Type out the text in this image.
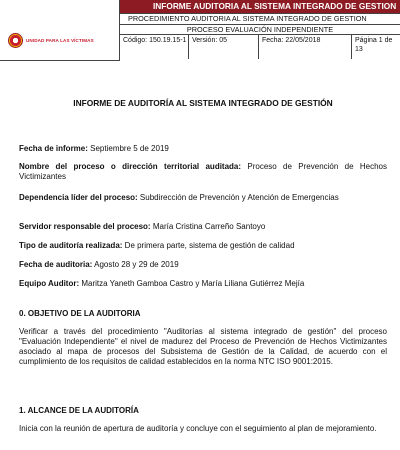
UNIDAD PARA LAS VÍCTIMAS
INFORME AUDITORIA AL SISTEMA INTEGRADO DE GESTION
PROCEDIMIENTO AUDITORIA AL SISTEMA INTEGRADO DE GESTION
PROCESO EVALUACIÓN INDEPENDIENTE
Código: 150.19.15-1 Versión: 05	Fecha: 22/05/2018	Página 1 de 13
INFORME DE AUDITORÍA AL SISTEMA INTEGRADO DE GESTIÓN
Fecha de informe: Septiembre 5 de 2019
Nombre del proceso o dirección territorial auditada: Proceso de Prevención de Hechos Victimizantes
Dependencia líder del proceso: Subdirección de Prevención y Atención de Emergencias
Servidor responsable del proceso: María Cristina Carreño Santoyo
Tipo de auditoría realizada: De primera parte, sistema de gestión de calidad
Fecha de auditoria: Agosto 28 y 29 de 2019
Equipo Auditor: Maritza Yaneth Gamboa Castro y María Liliana Gutiérrez Mejía
0. OBJETIVO DE LA AUDITORIA
Verificar a través del procedimiento "Auditorías al sistema integrado de gestión" del proceso "Evaluación Independiente" el nivel de madurez del Proceso de Prevención de Hechos Victimizantes asociado al mapa de procesos del Subsistema de Gestión de la Calidad, de acuerdo con el cumplimiento de los requisitos de calidad establecidos en la norma NTC ISO 9001:2015.
1. ALCANCE DE LA AUDITORÍA
Inicia con la reunión de apertura de auditoría y concluye con el seguimiento al plan de mejoramiento.
